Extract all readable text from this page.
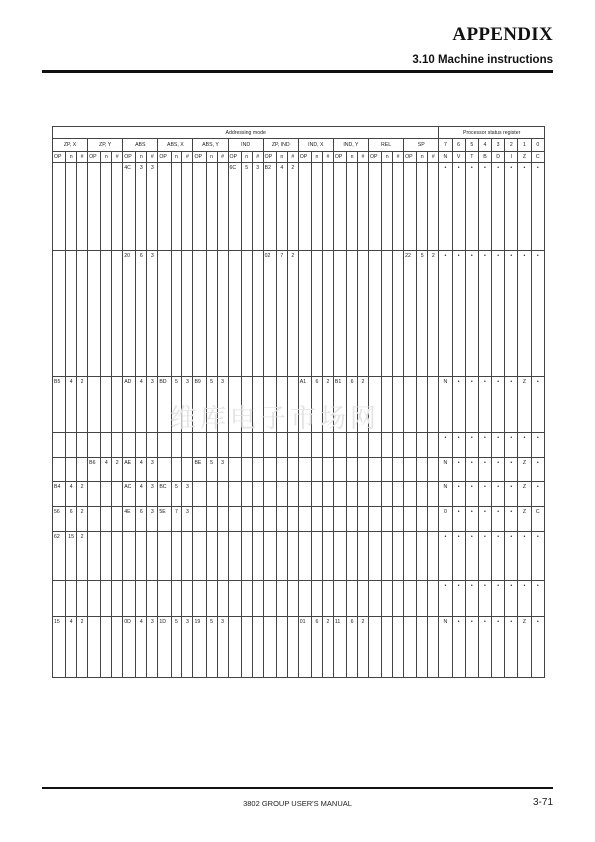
APPENDIX
3.10 Machine instructions
Addressing mode																																	Processor status register							
ZP, X			ZP, Y			ABS			ABS, X			ABS, Y			IND			ZP, IND			IND, X			IND, Y			REL			SP			7	6	5	4	3	2	1	0
OP	n	#	OP	n	#	OP	n	#	OP	n	#	OP	n	#	OP	n	#	OP	n	#	OP	n	#	OP	n	#	OP	n	#	OP	n	#	N	V	T	B	D	I	Z	C
						4C	3	3							6C	5	3	B2	4	2													•	•	•	•	•	•	•	•
						20	6	3										02	7	2										22	5	2	•	•	•	•	•	•	•	•
B5	4	2				AD	4	3	BD	5	3	B9	5	3							A1	6	2	B1	6	2							N	•	•	•	•	•	Z	•
																																	•	•	•	•	•	•	•	•
			B6	4	2	AE	4	3				BE	5	3																			N	•	•	•	•	•	Z	•
B4	4	2				AC	4	3	BC	5	3																						N	•	•	•	•	•	Z	•
56	6	2				4E	6	3	5E	7	3																						0	•	•	•	•	•	Z	C
62	15	2																															•	•	•	•	•	•	•	•
																																	•	•	•	•	•	•	•	•
15	4	2				0D	4	3	1D	5	3	19	5	3							01	6	2	11	6	2							N	•	•	•	•	•	Z	•
维库电子市场网
3802 GROUP USER'S MANUAL	3-71
